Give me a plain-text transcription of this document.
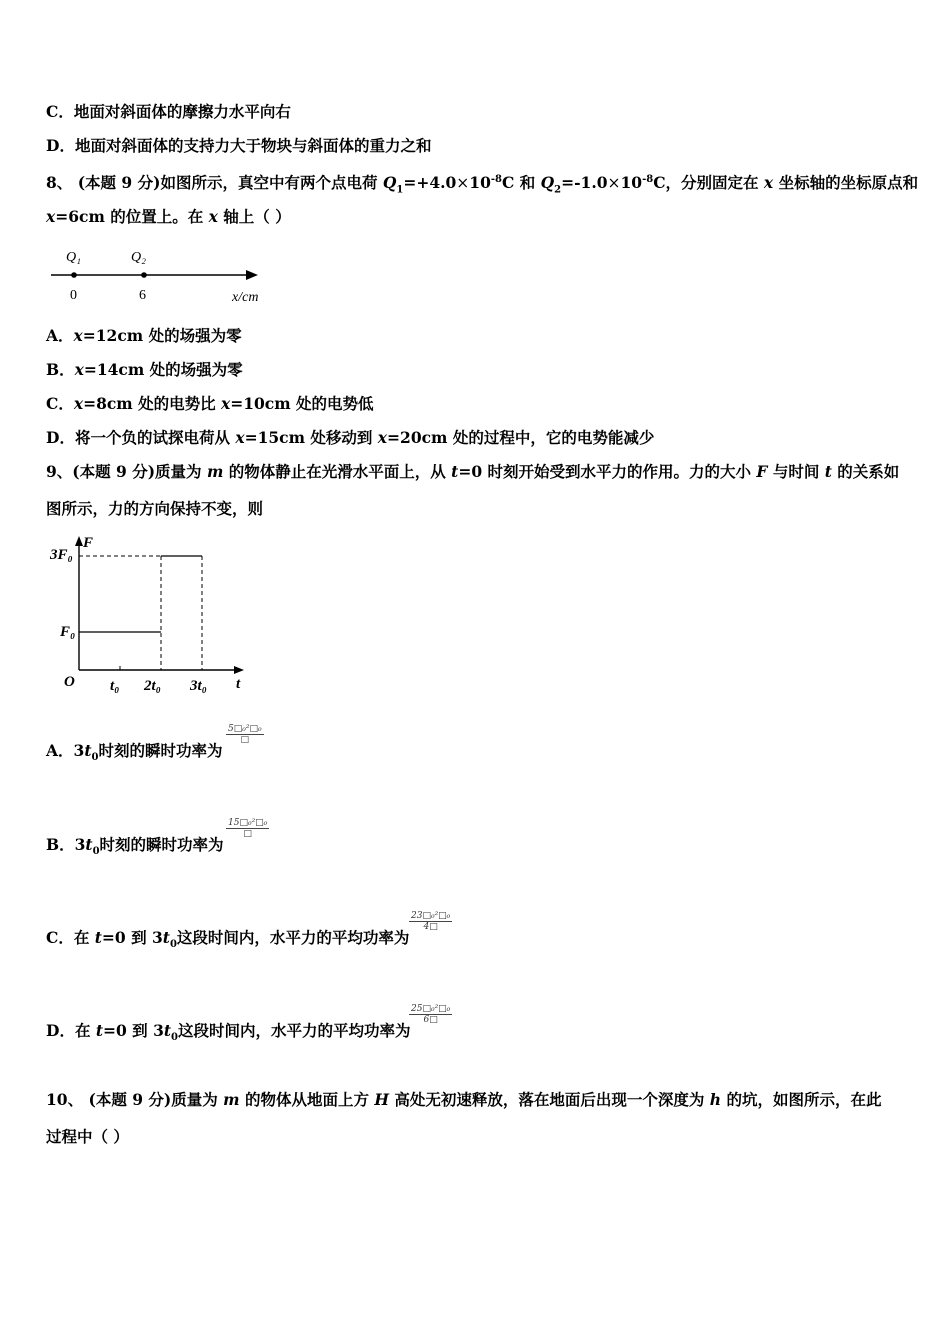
C．地面对斜面体的摩擦力水平向右
D．地面对斜面体的支持力大于物块与斜面体的重力之和
8、 (本题 9 分)如图所示，真空中有两个点电荷 $Q_1=+4.0\times 10^{-8}C$ 和 $Q_2=-1.0\times 10^{-8}C$，分别固定在 x 坐标轴的坐标原点和
x=6cm 的位置上。在 x 轴上（ ）
Q₁	Q₂
0	6	x/cm
A．x=12cm 处的场强为零
B．x=14cm 处的场强为零
C．x=8cm 处的电势比 x=10cm 处的电势低
D．将一个负的试探电荷从 x=15cm 处移动到 x=20cm 处的过程中，它的电势能减少
9、(本题 9 分)质量为 m 的物体静止在光滑水平面上，从 t=0 时刻开始受到水平力的作用。力的大小 F 与时间 t 的关系如
图所示，力的方向保持不变，则
F
3F₀
F₀
O t₀ 2t₀ 3t₀ t
A．$3t_0$时刻的瞬时功率为
5□₀²□₀
□
B．$3t_0$时刻的瞬时功率为
15□₀²□₀
□
C．在 t=0 到 $3t_0$这段时间内，水平力的平均功率为
$\frac{\text{23□₀²□₀}}{4□}$
D．在 t=0 到 $3t_0$这段时间内，水平力的平均功率为
$\frac{\text{25□₀²□₀}}{6□}$
10、 (本题 9 分)质量为 m 的物体从地面上方 H 高处无初速释放，落在地面后出现一个深度为 h 的坑，如图所示，在此
过程中（ ）
